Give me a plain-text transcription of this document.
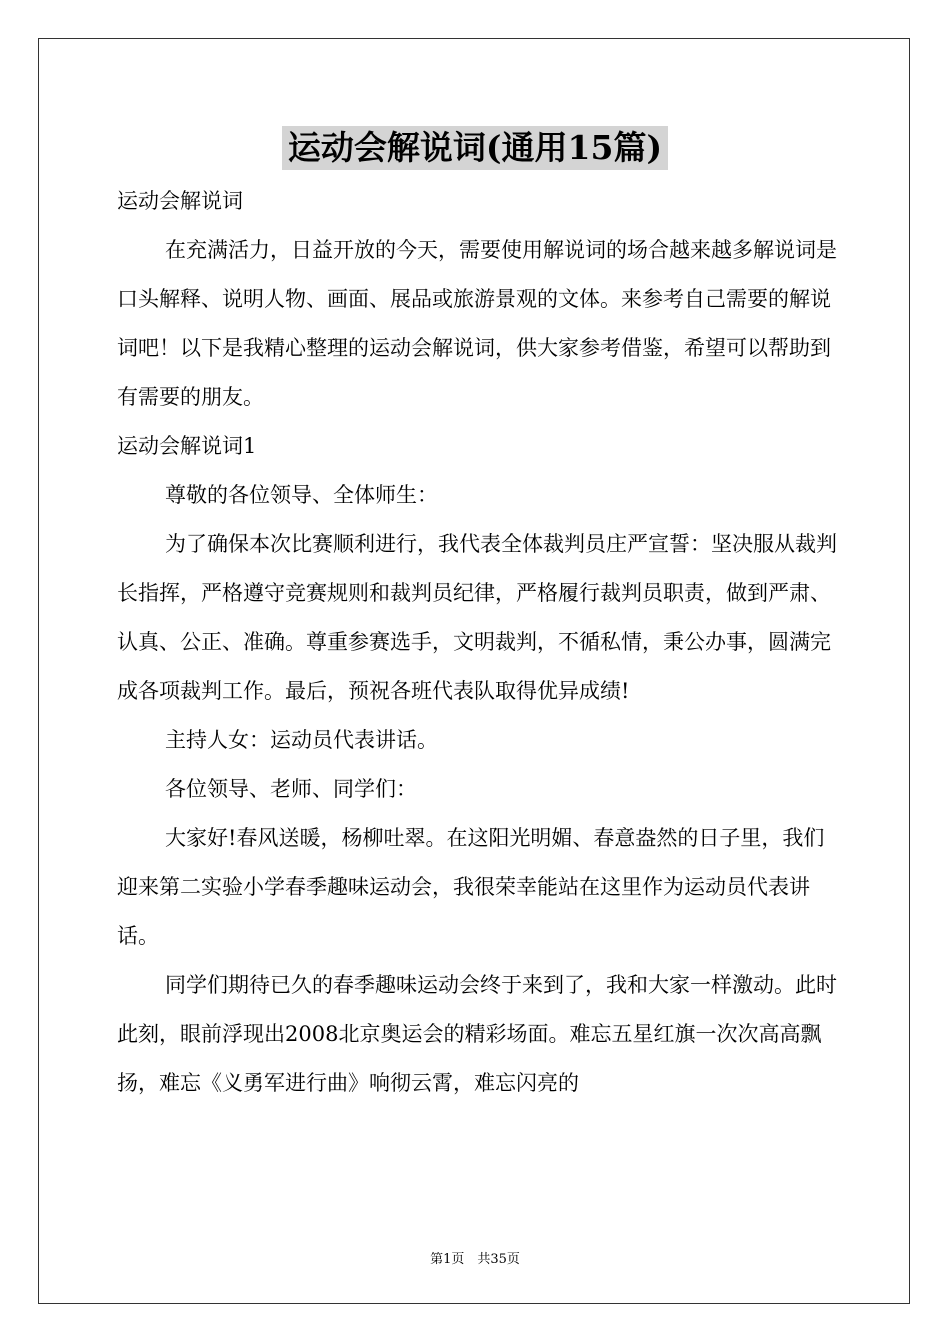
运动会解说词(通用15篇)

运动会解说词

在充满活力，日益开放的今天，需要使用解说词的场合越来越多解说词是口头解释、说明人物、画面、展品或旅游景观的文体。来参考自己需要的解说词吧！以下是我精心整理的运动会解说词，供大家参考借鉴，希望可以帮助到有需要的朋友。

运动会解说词1

尊敬的各位领导、全体师生：

为了确保本次比赛顺利进行，我代表全体裁判员庄严宣誓：坚决服从裁判长指挥，严格遵守竞赛规则和裁判员纪律，严格履行裁判员职责，做到严肃、认真、公正、准确。尊重参赛选手，文明裁判，不循私情，秉公办事，圆满完成各项裁判工作。最后，预祝各班代表队取得优异成绩!

主持人女：运动员代表讲话。

各位领导、老师、同学们：

大家好!春风送暖，杨柳吐翠。在这阳光明媚、春意盎然的日子里，我们迎来第二实验小学春季趣味运动会，我很荣幸能站在这里作为运动员代表讲话。

同学们期待已久的春季趣味运动会终于来到了，我和大家一样激动。此时此刻，眼前浮现出2008北京奥运会的精彩场面。难忘五星红旗一次次高高飘扬，难忘《义勇军进行曲》响彻云霄，难忘闪亮的

第1页　共35页
